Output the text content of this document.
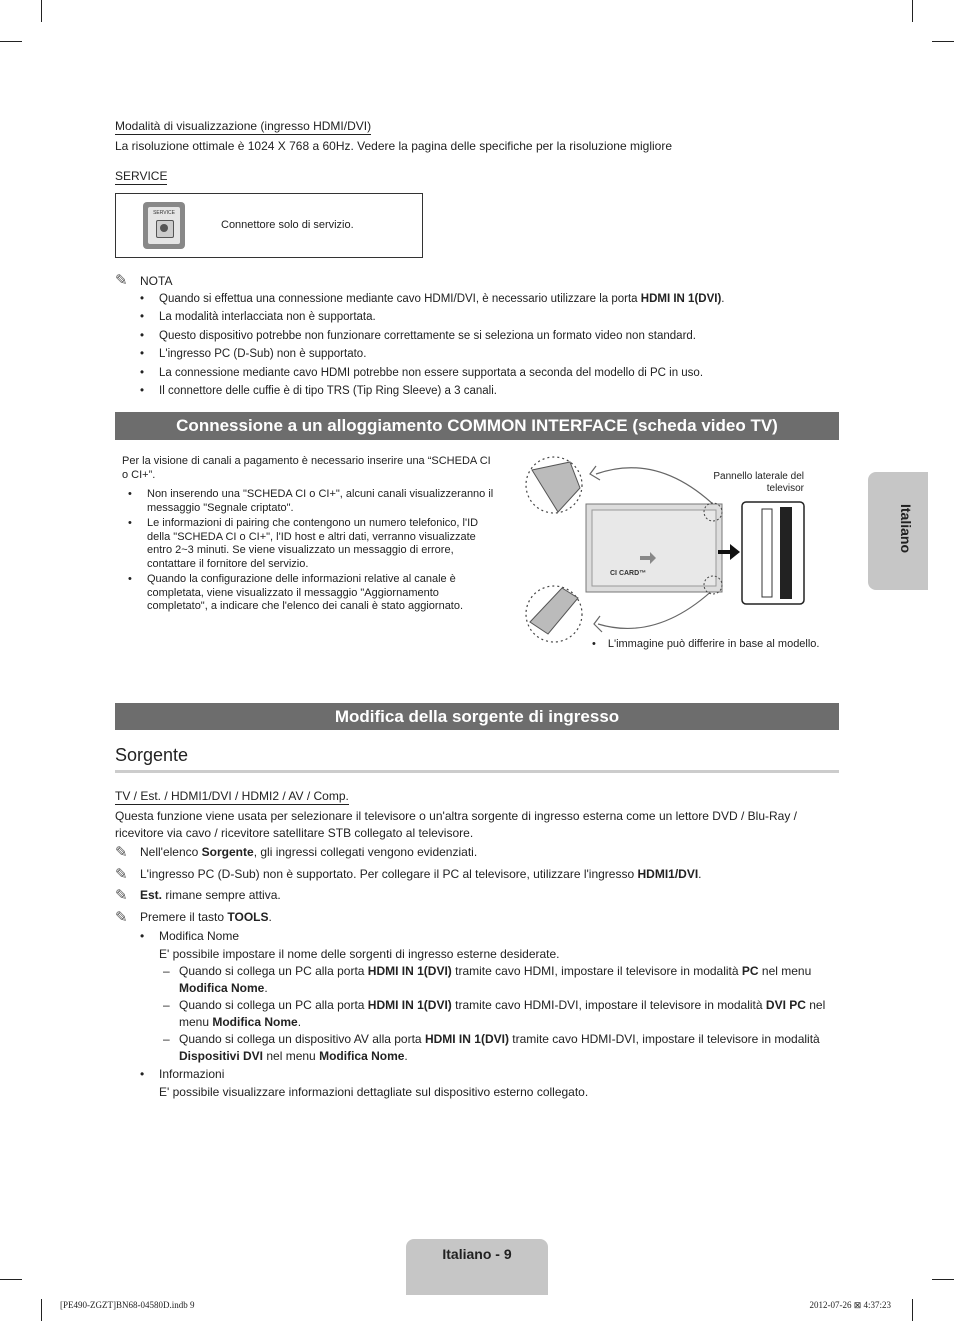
Modalità di visualizzazione (ingresso HDMI/DVI)
La risoluzione ottimale è 1024 X 768 a 60Hz. Vedere la pagina delle specifiche per la risoluzione migliore
SERVICE
SERVICE
Connettore solo di servizio.
✎ NOTA
• Quando si effettua una connessione mediante cavo HDMI/DVI, è necessario utilizzare la porta HDMI IN 1(DVI).
• La modalità interlacciata non è supportata.
• Questo dispositivo potrebbe non funzionare correttamente se si seleziona un formato video non standard.
• L'ingresso PC (D-Sub) non è supportato.
• La connessione mediante cavo HDMI potrebbe non essere supportata a seconda del modello di PC in uso.
• Il connettore delle cuffie è di tipo TRS (Tip Ring Sleeve) a 3 canali.
Connessione a un alloggiamento COMMON INTERFACE (scheda video TV)
Per la visione di canali a pagamento è necessario inserire una “SCHEDA CI o CI+”.
• Non inserendo una "SCHEDA CI o CI+", alcuni canali visualizzeranno il messaggio "Segnale criptato".
• Le informazioni di pairing che contengono un numero telefonico, l'ID della "SCHEDA CI o CI+", l'ID host e altri dati, verranno visualizzate entro 2~3 minuti. Se viene visualizzato un messaggio di errore, contattare il fornitore del servizio.
• Quando la configurazione delle informazioni relative al canale è completata, viene visualizzato il messaggio "Aggiornamento completato", a indicare che l'elenco dei canali è stato aggiornato.
CI CARD™
COMMON INTERFACE
Pannello laterale del televisor
• L'immagine può differire in base al modello.
Italiano
Modifica della sorgente di ingresso
Sorgente
TV / Est. / HDMI1/DVI / HDMI2 / AV / Comp.
Questa funzione viene usata per selezionare il televisore o un'altra sorgente di ingresso esterna come un lettore DVD / Blu-Ray / ricevitore via cavo / ricevitore satellitare STB collegato al televisore.
✎ Nell'elenco Sorgente, gli ingressi collegati vengono evidenziati.
✎ L'ingresso PC (D-Sub) non è supportato. Per collegare il PC al televisore, utilizzare l'ingresso HDMI1/DVI.
✎ Est. rimane sempre attiva.
✎ Premere il tasto TOOLS.
• Modifica Nome
E' possibile impostare il nome delle sorgenti di ingresso esterne desiderate.
– Quando si collega un PC alla porta HDMI IN 1(DVI) tramite cavo HDMI, impostare il televisore in modalità PC nel menu Modifica Nome.
– Quando si collega un PC alla porta HDMI IN 1(DVI) tramite cavo HDMI-DVI, impostare il televisore in modalità DVI PC nel menu Modifica Nome.
– Quando si collega un dispositivo AV alla porta HDMI IN 1(DVI) tramite cavo HDMI-DVI, impostare il televisore in modalità Dispositivi DVI nel menu Modifica Nome.
• Informazioni
E' possibile visualizzare informazioni dettagliate sul dispositivo esterno collegato.
Italiano - 9
[PE490-ZGZT]BN68-04580D.indb 9	2012-07-26 ⊠ 4:37:23
